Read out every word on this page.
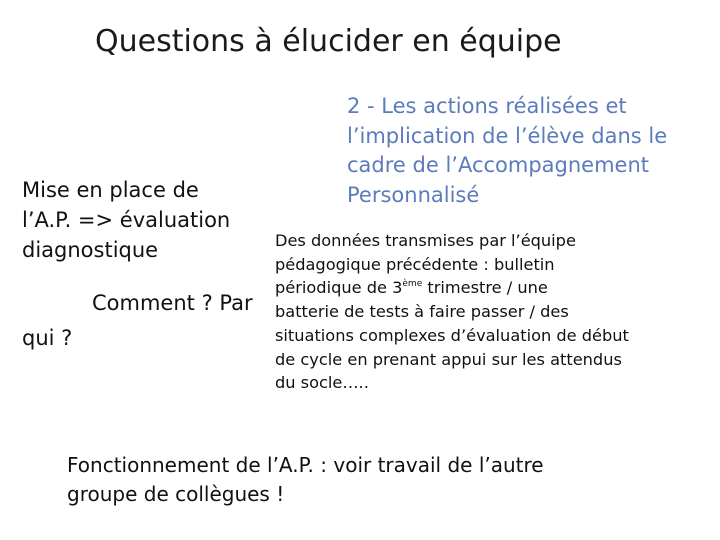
Questions à élucider en équipe

Mise en place de l’A.P. => évaluation diagnostique

Comment ? Par

qui ?

2 - Les actions réalisées et
l’implication de l’élève dans le
cadre de l’Accompagnement
Personnalisé

Des données transmises par l’équipe
pédagogique précédente : bulletin
périodique de 3ème trimestre / une
batterie de tests à faire passer / des
situations complexes d’évaluation de début
de cycle en prenant appui sur les attendus
du socle…..

Fonctionnement de l’A.P. : voir travail de l’autre
groupe de collègues !
